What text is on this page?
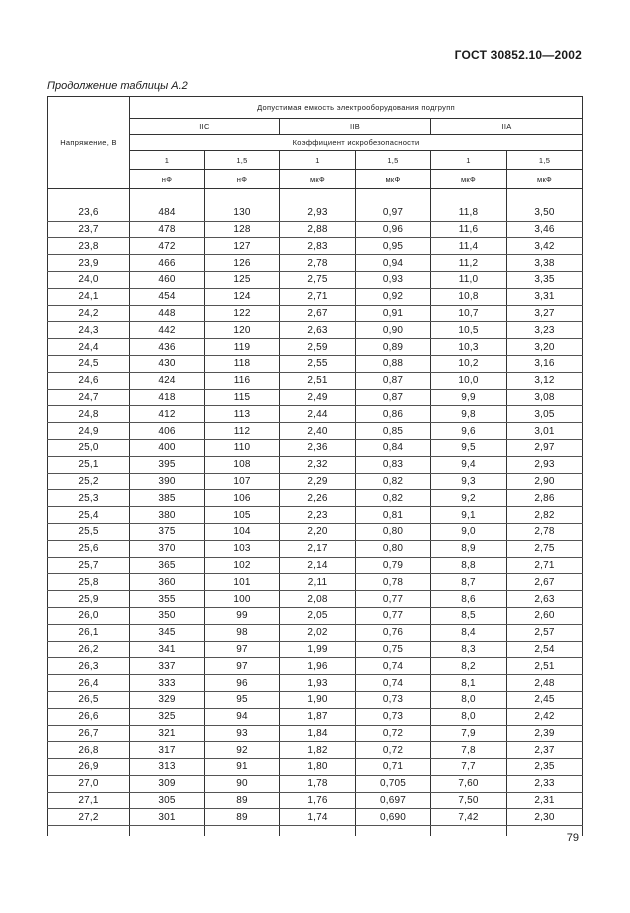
ГОСТ 30852.10—2002
Продолжение таблицы А.2
Напряжение, В	Допустимая емкость электрооборудования подгрупп					
	IIC		IIB		IIA	
	Коэффициент искробезопасности					
	1	1,5	1	1,5	1	1,5
	нФ	нФ	мкФ	мкФ	мкФ	мкФ

23,6	484	130	2,93	0,97	11,8	3,50
23,7	478	128	2,88	0,96	11,6	3,46
23,8	472	127	2,83	0,95	11,4	3,42
23,9	466	126	2,78	0,94	11,2	3,38
24,0	460	125	2,75	0,93	11,0	3,35
24,1	454	124	2,71	0,92	10,8	3,31
24,2	448	122	2,67	0,91	10,7	3,27
24,3	442	120	2,63	0,90	10,5	3,23
24,4	436	119	2,59	0,89	10,3	3,20
24,5	430	118	2,55	0,88	10,2	3,16
24,6	424	116	2,51	0,87	10,0	3,12
24,7	418	115	2,49	0,87	9,9	3,08
24,8	412	113	2,44	0,86	9,8	3,05
24,9	406	112	2,40	0,85	9,6	3,01
25,0	400	110	2,36	0,84	9,5	2,97
25,1	395	108	2,32	0,83	9,4	2,93
25,2	390	107	2,29	0,82	9,3	2,90
25,3	385	106	2,26	0,82	9,2	2,86
25,4	380	105	2,23	0,81	9,1	2,82
25,5	375	104	2,20	0,80	9,0	2,78
25,6	370	103	2,17	0,80	8,9	2,75
25,7	365	102	2,14	0,79	8,8	2,71
25,8	360	101	2,11	0,78	8,7	2,67
25,9	355	100	2,08	0,77	8,6	2,63
26,0	350	99	2,05	0,77	8,5	2,60
26,1	345	98	2,02	0,76	8,4	2,57
26,2	341	97	1,99	0,75	8,3	2,54
26,3	337	97	1,96	0,74	8,2	2,51
26,4	333	96	1,93	0,74	8,1	2,48
26,5	329	95	1,90	0,73	8,0	2,45
26,6	325	94	1,87	0,73	8,0	2,42
26,7	321	93	1,84	0,72	7,9	2,39
26,8	317	92	1,82	0,72	7,8	2,37
26,9	313	91	1,80	0,71	7,7	2,35
27,0	309	90	1,78	0,705	7,60	2,33
27,1	305	89	1,76	0,697	7,50	2,31
27,2	301	89	1,74	0,690	7,42	2,30

79
